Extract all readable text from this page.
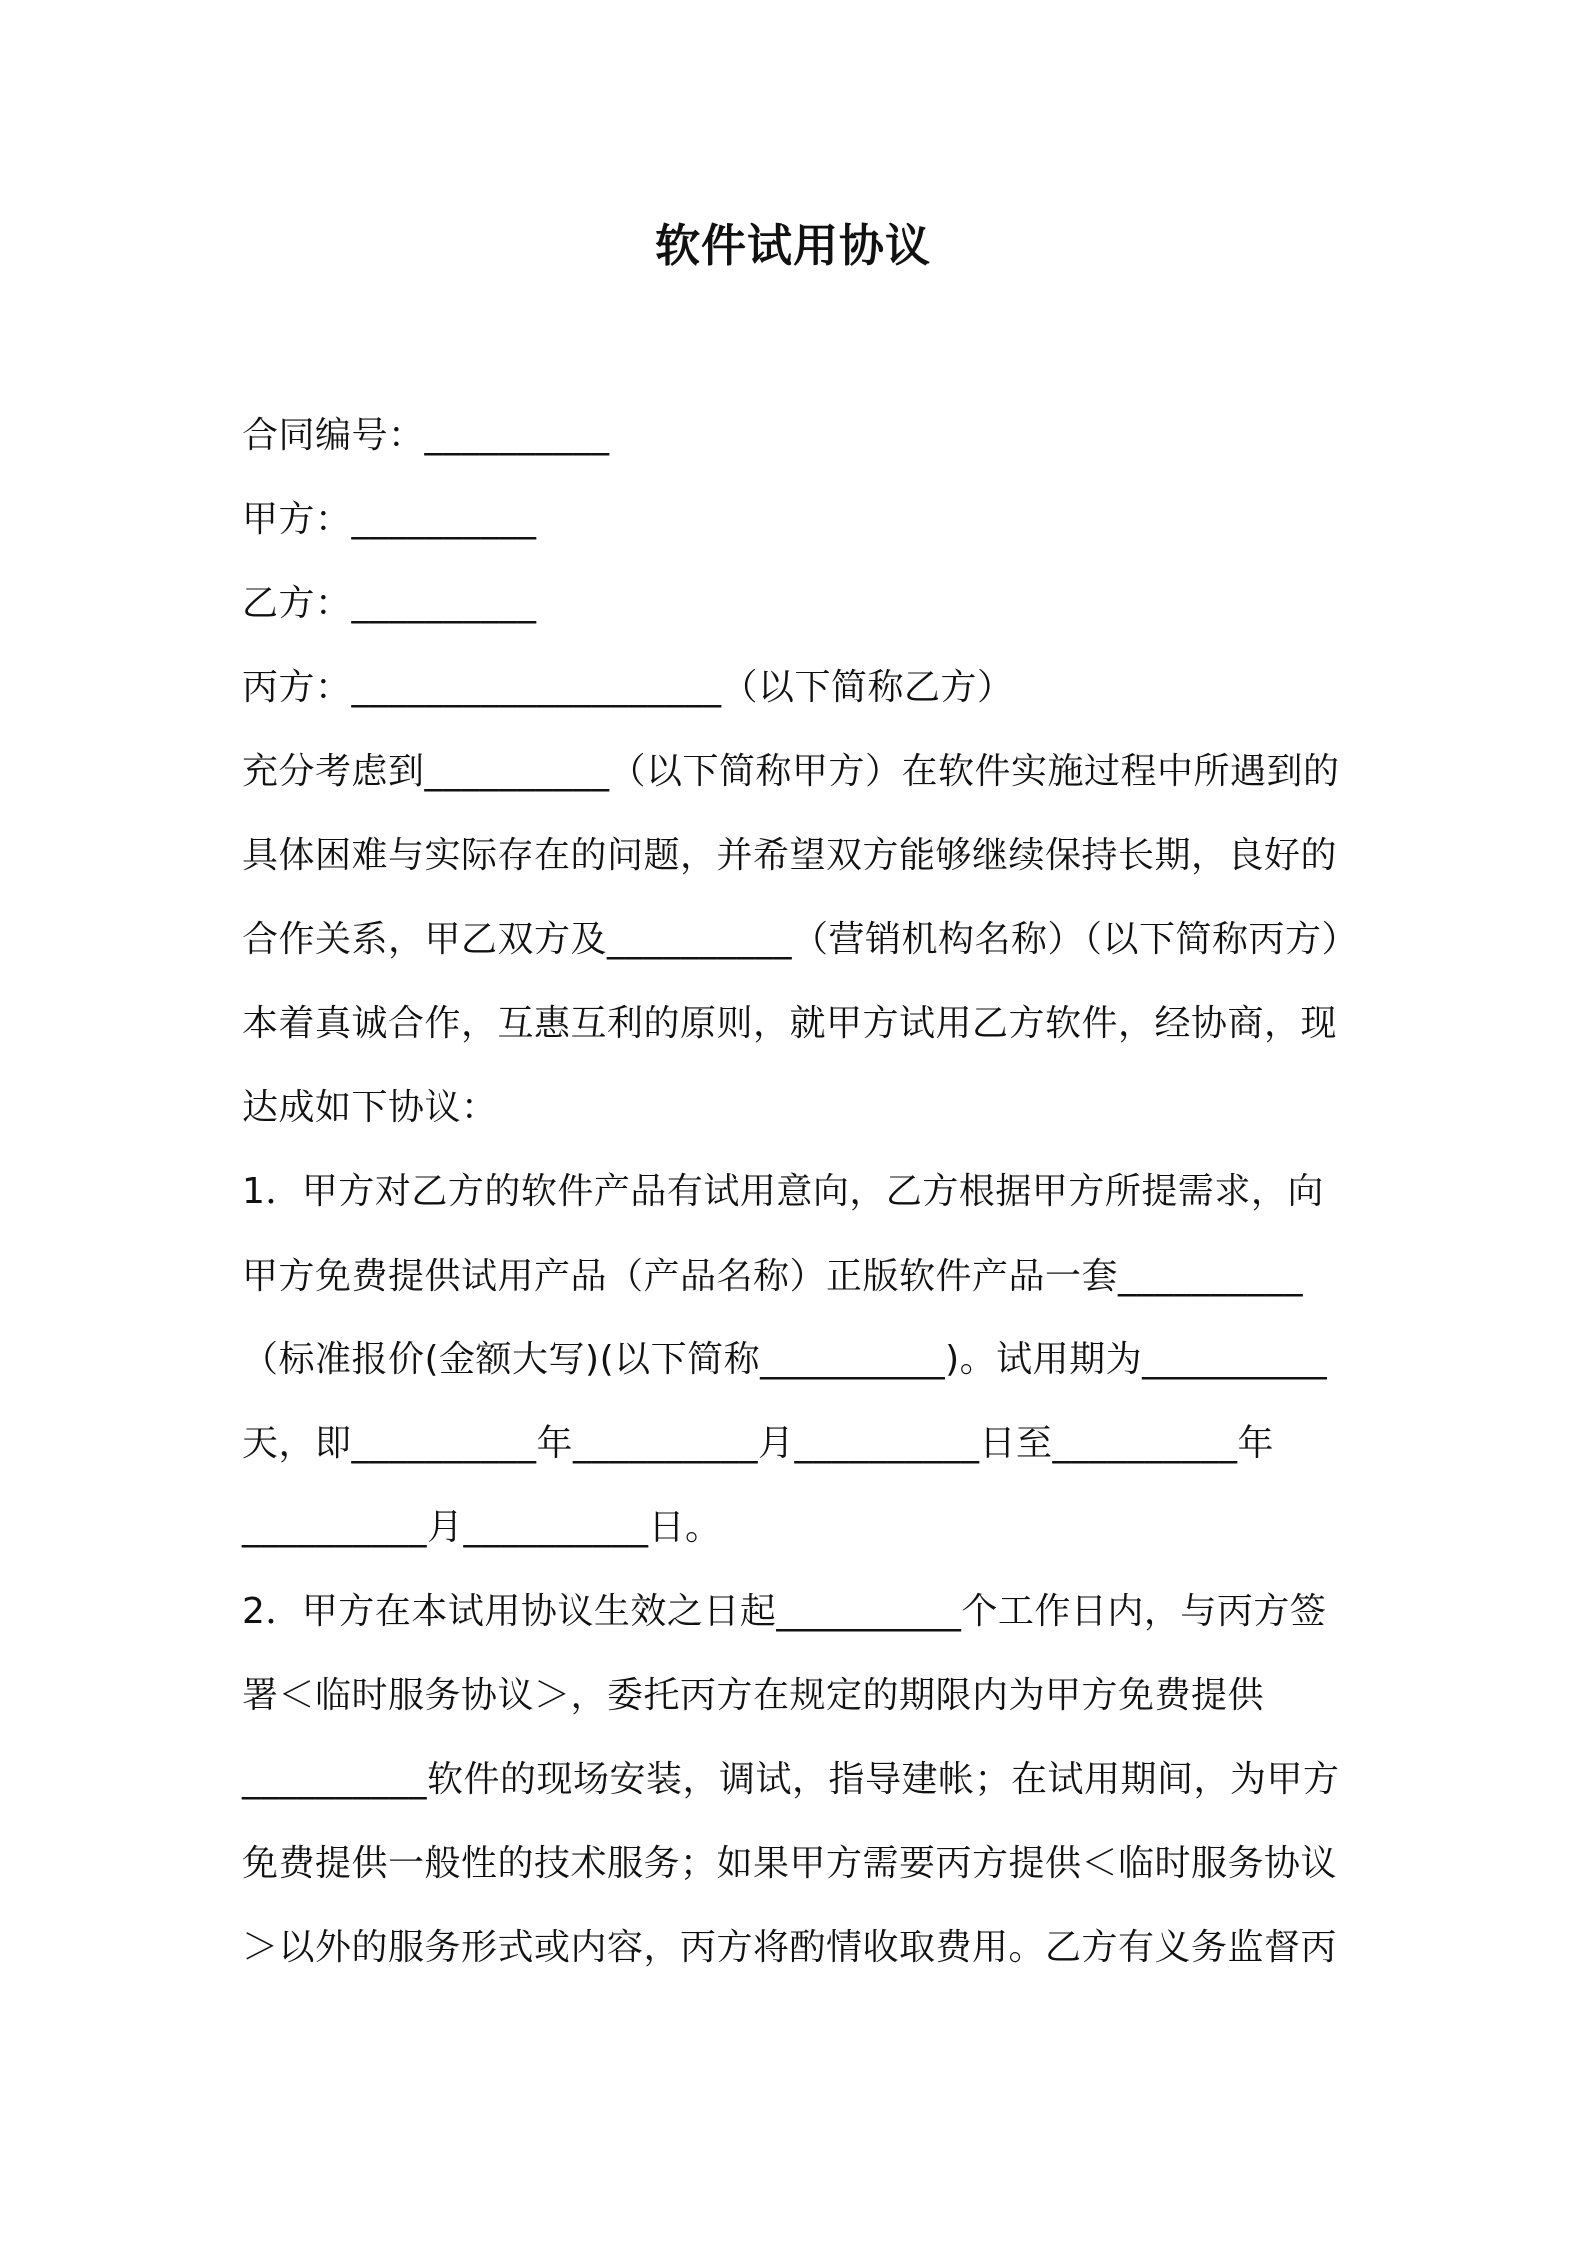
软件试用协议
合同编号：__________
甲方：__________
乙方：__________
丙方：____________________（以下简称乙方）
充分考虑到__________（以下简称甲方）在软件实施过程中所遇到的
具体困难与实际存在的问题，并希望双方能够继续保持长期，良好的
合作关系，甲乙双方及__________（营销机构名称）（以下简称丙方）
本着真诚合作，互惠互利的原则，就甲方试用乙方软件，经协商，现
达成如下协议：
1．甲方对乙方的软件产品有试用意向，乙方根据甲方所提需求，向
甲方免费提供试用产品（产品名称）正版软件产品一套__________
（标准报价(金额大写)(以下简称__________)。试用期为__________
天，即__________年__________月__________日至__________年
__________月__________日。
2．甲方在本试用协议生效之日起__________个工作日内，与丙方签
署＜临时服务协议＞，委托丙方在规定的期限内为甲方免费提供
__________软件的现场安装，调试，指导建帐；在试用期间，为甲方
免费提供一般性的技术服务；如果甲方需要丙方提供＜临时服务协议
＞以外的服务形式或内容，丙方将酌情收取费用。乙方有义务监督丙
